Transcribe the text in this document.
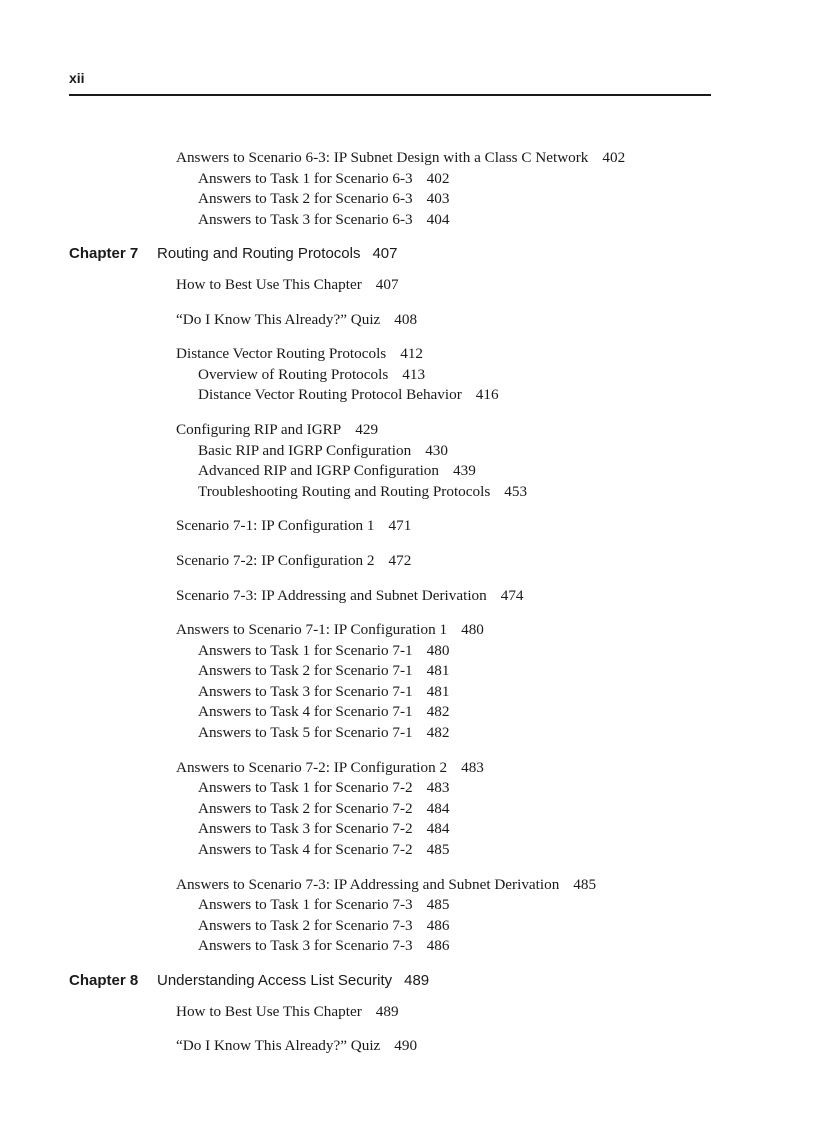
xii
Answers to Scenario 6-3: IP Subnet Design with a Class C Network 402
Answers to Task 1 for Scenario 6-3 402
Answers to Task 2 for Scenario 6-3 403
Answers to Task 3 for Scenario 6-3 404
Chapter 7 Routing and Routing Protocols 407
How to Best Use This Chapter 407
“Do I Know This Already?” Quiz 408
Distance Vector Routing Protocols 412
Overview of Routing Protocols 413
Distance Vector Routing Protocol Behavior 416
Configuring RIP and IGRP 429
Basic RIP and IGRP Configuration 430
Advanced RIP and IGRP Configuration 439
Troubleshooting Routing and Routing Protocols 453
Scenario 7-1: IP Configuration 1 471
Scenario 7-2: IP Configuration 2 472
Scenario 7-3: IP Addressing and Subnet Derivation 474
Answers to Scenario 7-1: IP Configuration 1 480
Answers to Task 1 for Scenario 7-1 480
Answers to Task 2 for Scenario 7-1 481
Answers to Task 3 for Scenario 7-1 481
Answers to Task 4 for Scenario 7-1 482
Answers to Task 5 for Scenario 7-1 482
Answers to Scenario 7-2: IP Configuration 2 483
Answers to Task 1 for Scenario 7-2 483
Answers to Task 2 for Scenario 7-2 484
Answers to Task 3 for Scenario 7-2 484
Answers to Task 4 for Scenario 7-2 485
Answers to Scenario 7-3: IP Addressing and Subnet Derivation 485
Answers to Task 1 for Scenario 7-3 485
Answers to Task 2 for Scenario 7-3 486
Answers to Task 3 for Scenario 7-3 486
Chapter 8 Understanding Access List Security 489
How to Best Use This Chapter 489
“Do I Know This Already?” Quiz 490
